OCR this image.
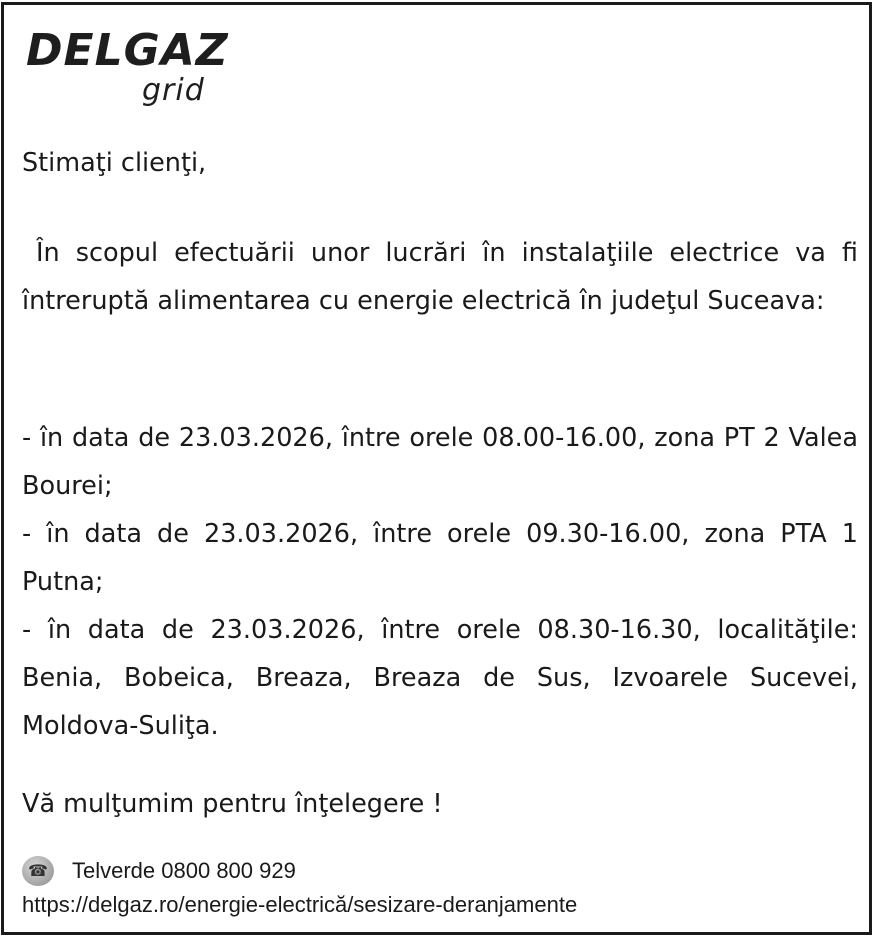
DELGAZ
grid

Stimaţi clienţi,

În scopul efectuării unor lucrări în instalaţiile electrice va fi întreruptă alimentarea cu energie electrică în judeţul Suceava:

- în data de 23.03.2026, între orele 08.00-16.00, zona PT 2 Valea Bourei;

- în data de 23.03.2026, între orele 09.30-16.00, zona PTA 1 Putna;

- în data de 23.03.2026, între orele 08.30-16.30, localităţile: Benia, Bobeica, Breaza, Breaza de Sus, Izvoarele Sucevei, Moldova-Suliţa.

Vă mulţumim pentru înţelegere !

☎ Telverde 0800 800 929
https://delgaz.ro/energie-electrică/sesizare-deranjamente
